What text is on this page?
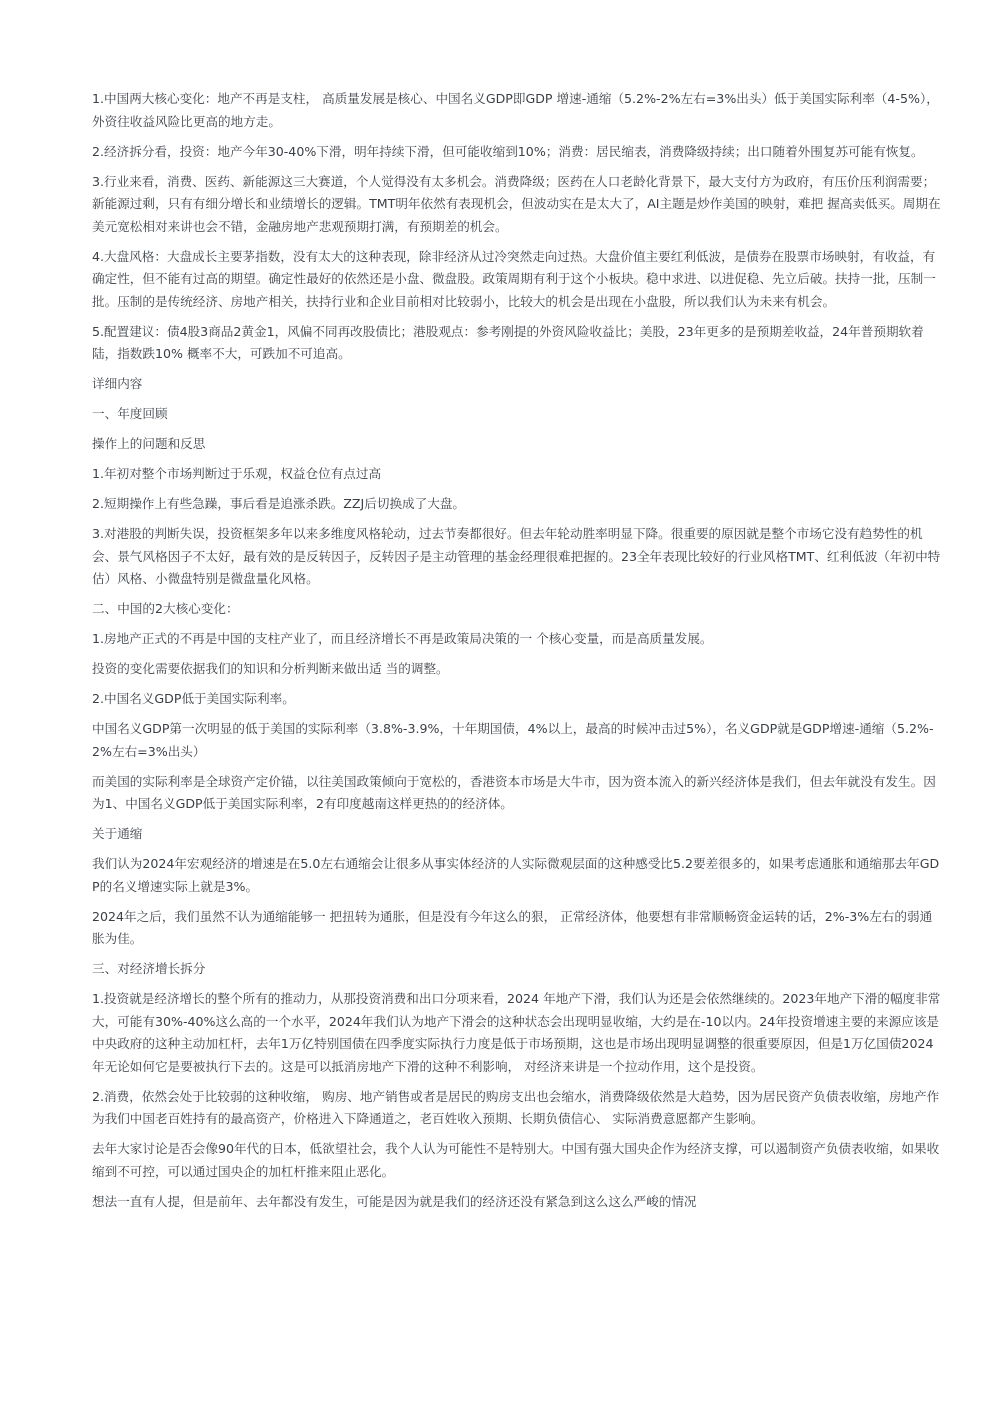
1.中国两大核心变化：地产不再是支柱， 高质量发展是核心、中国名义GDP即GDP 增速-通缩（5.2%-2%左右=3%出头）低于美国实际利率（4-5%），外资往收益风险比更高的地方走。

2.经济拆分看，投资：地产今年30-40%下滑，明年持续下滑，但可能收缩到10%；消费：居民缩表，消费降级持续；出口随着外围复苏可能有恢复。

3.行业来看，消费、医药、新能源这三大赛道，个人觉得没有太多机会。消费降级；医药在人口老龄化背景下，最大支付方为政府，有压价压利润需要；新能源过剩，只有有细分增长和业绩增长的逻辑。TMT明年依然有表现机会，但波动实在是太大了，AI主题是炒作美国的映射，难把 握高卖低买。周期在美元宽松相对来讲也会不错，金融房地产悲观预期打满，有预期差的机会。

4.大盘风格：大盘成长主要茅指数，没有太大的这种表现，除非经济从过冷突然走向过热。大盘价值主要红利低波，是债券在股票市场映射，有收益，有确定性，但不能有过高的期望。确定性最好的依然还是小盘、微盘股。政策周期有利于这个小板块。稳中求进、以进促稳、先立后破。扶持一批，压制一批。压制的是传统经济、房地产相关，扶持行业和企业目前相对比较弱小，比较大的机会是出现在小盘股，所以我们认为未来有机会。

5.配置建议：债4股3商品2黄金1，风偏不同再改股债比；港股观点：参考刚提的外资风险收益比；美股，23年更多的是预期差收益，24年普预期软着陆，指数跌10% 概率不大，可跌加不可追高。

详细内容

一、年度回顾

操作上的问题和反思

1.年初对整个市场判断过于乐观，权益仓位有点过高

2.短期操作上有些急躁，事后看是追涨杀跌。ZZJ后切换成了大盘。

3.对港股的判断失误，投资框架多年以来多维度风格轮动，过去节奏都很好。但去年轮动胜率明显下降。很重要的原因就是整个市场它没有趋势性的机会、景气风格因子不太好，最有效的是反转因子，反转因子是主动管理的基金经理很难把握的。23全年表现比较好的行业风格TMT、红利低波（年初中特估）风格、小微盘特别是微盘量化风格。

二、中国的2大核心变化：

1.房地产正式的不再是中国的支柱产业了，而且经济增长不再是政策局决策的一 个核心变量，而是高质量发展。

投资的变化需要依据我们的知识和分析判断来做出适 当的调整。

2.中国名义GDP低于美国实际利率。

中国名义GDP第一次明显的低于美国的实际利率（3.8%-3.9%，十年期国债，4%以上，最高的时候冲击过5%），名义GDP就是GDP增速-通缩（5.2%-2%左右=3%出头）

而美国的实际利率是全球资产定价锚，以往美国政策倾向于宽松的，香港资本市场是大牛市，因为资本流入的新兴经济体是我们，但去年就没有发生。因为1、中国名义GDP低于美国实际利率，2有印度越南这样更热的的经济体。

关于通缩

我们认为2024年宏观经济的增速是在5.0左右通缩会让很多从事实体经济的人实际微观层面的这种感受比5.2要差很多的，如果考虑通胀和通缩那去年GDP的名义增速实际上就是3%。

2024年之后，我们虽然不认为通缩能够一 把扭转为通胀，但是没有今年这么的狠， 正常经济体，他要想有非常顺畅资金运转的话，2%-3%左右的弱通胀为佳。

三、对经济增长拆分

1.投资就是经济增长的整个所有的推动力，从那投资消费和出口分项来看，2024 年地产下滑，我们认为还是会依然继续的。2023年地产下滑的幅度非常大，可能有30%-40%这么高的一个水平，2024年我们认为地产下滑会的这种状态会出现明显收缩，大约是在-10以内。24年投资增速主要的来源应该是中央政府的这种主动加杠杆，去年1万亿特别国债在四季度实际执行力度是低于市场预期，这也是市场出现明显调整的很重要原因，但是1万亿国债2024年无论如何它是要被执行下去的。这是可以抵消房地产下滑的这种不利影响， 对经济来讲是一个拉动作用，这个是投资。

2.消费，依然会处于比较弱的这种收缩， 购房、地产销售或者是居民的购房支出也会缩水，消费降级依然是大趋势，因为居民资产负债表收缩，房地产作为我们中国老百姓持有的最高资产，价格进入下降通道之，老百姓收入预期、长期负债信心、 实际消费意愿都产生影响。

去年大家讨论是否会像90年代的日本，低欲望社会，我个人认为可能性不是特别大。中国有强大国央企作为经济支撑，可以遏制资产负债表收缩，如果收缩到不可控，可以通过国央企的加杠杆推来阻止恶化。

想法一直有人提，但是前年、去年都没有发生，可能是因为就是我们的经济还没有紧急到这么这么严峻的情况
